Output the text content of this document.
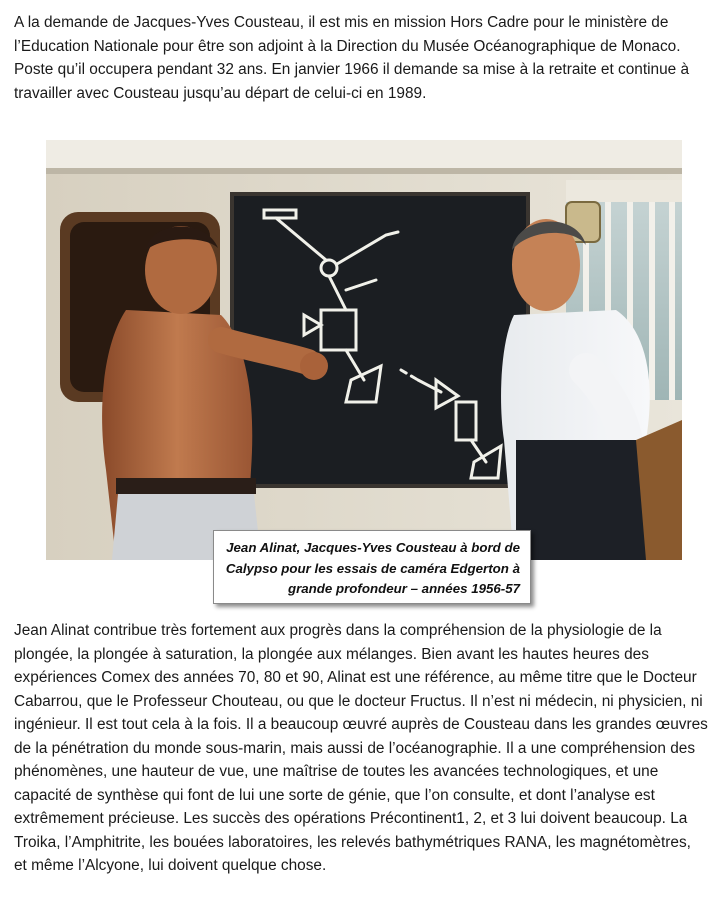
A la demande de Jacques-Yves Cousteau, il est mis en mission Hors Cadre pour le ministère de
l’Education Nationale pour être son adjoint à la Direction du Musée Océanographique de Monaco.
Poste qu’il occupera pendant 32 ans. En janvier 1966 il demande sa mise à la retraite et continue à
travailler avec Cousteau jusqu’au départ de celui-ci en 1989.
Jean Alinat, Jacques-Yves Cousteau à bord de
Calypso pour les essais de caméra Edgerton à
grande profondeur – années 1956-57
Jean Alinat contribue très fortement aux progrès dans la compréhension de la physiologie de la
plongée, la plongée à saturation, la plongée aux mélanges. Bien avant les hautes heures des
expériences Comex des années 70, 80 et 90, Alinat est une référence, au même titre que le Docteur
Cabarrou, que le Professeur Chouteau, ou que le docteur Fructus. Il n’est ni médecin, ni physicien, ni
ingénieur. Il est tout cela à la fois. Il a beaucoup œuvré auprès de Cousteau dans les grandes œuvres
de la pénétration du monde sous-marin, mais aussi de l’océanographie. Il a une compréhension des
phénomènes, une hauteur de vue, une maîtrise de toutes les avancées technologiques, et une
capacité de synthèse qui font de lui une sorte de génie, que l’on consulte, et dont l’analyse est
extrêmement précieuse. Les succès des opérations Précontinent1, 2, et 3 lui doivent beaucoup. La
Troika, l’Amphitrite, les bouées laboratoires, les relevés bathymétriques RANA, les magnétomètres,
et même l’Alcyone, lui doivent quelque chose.
